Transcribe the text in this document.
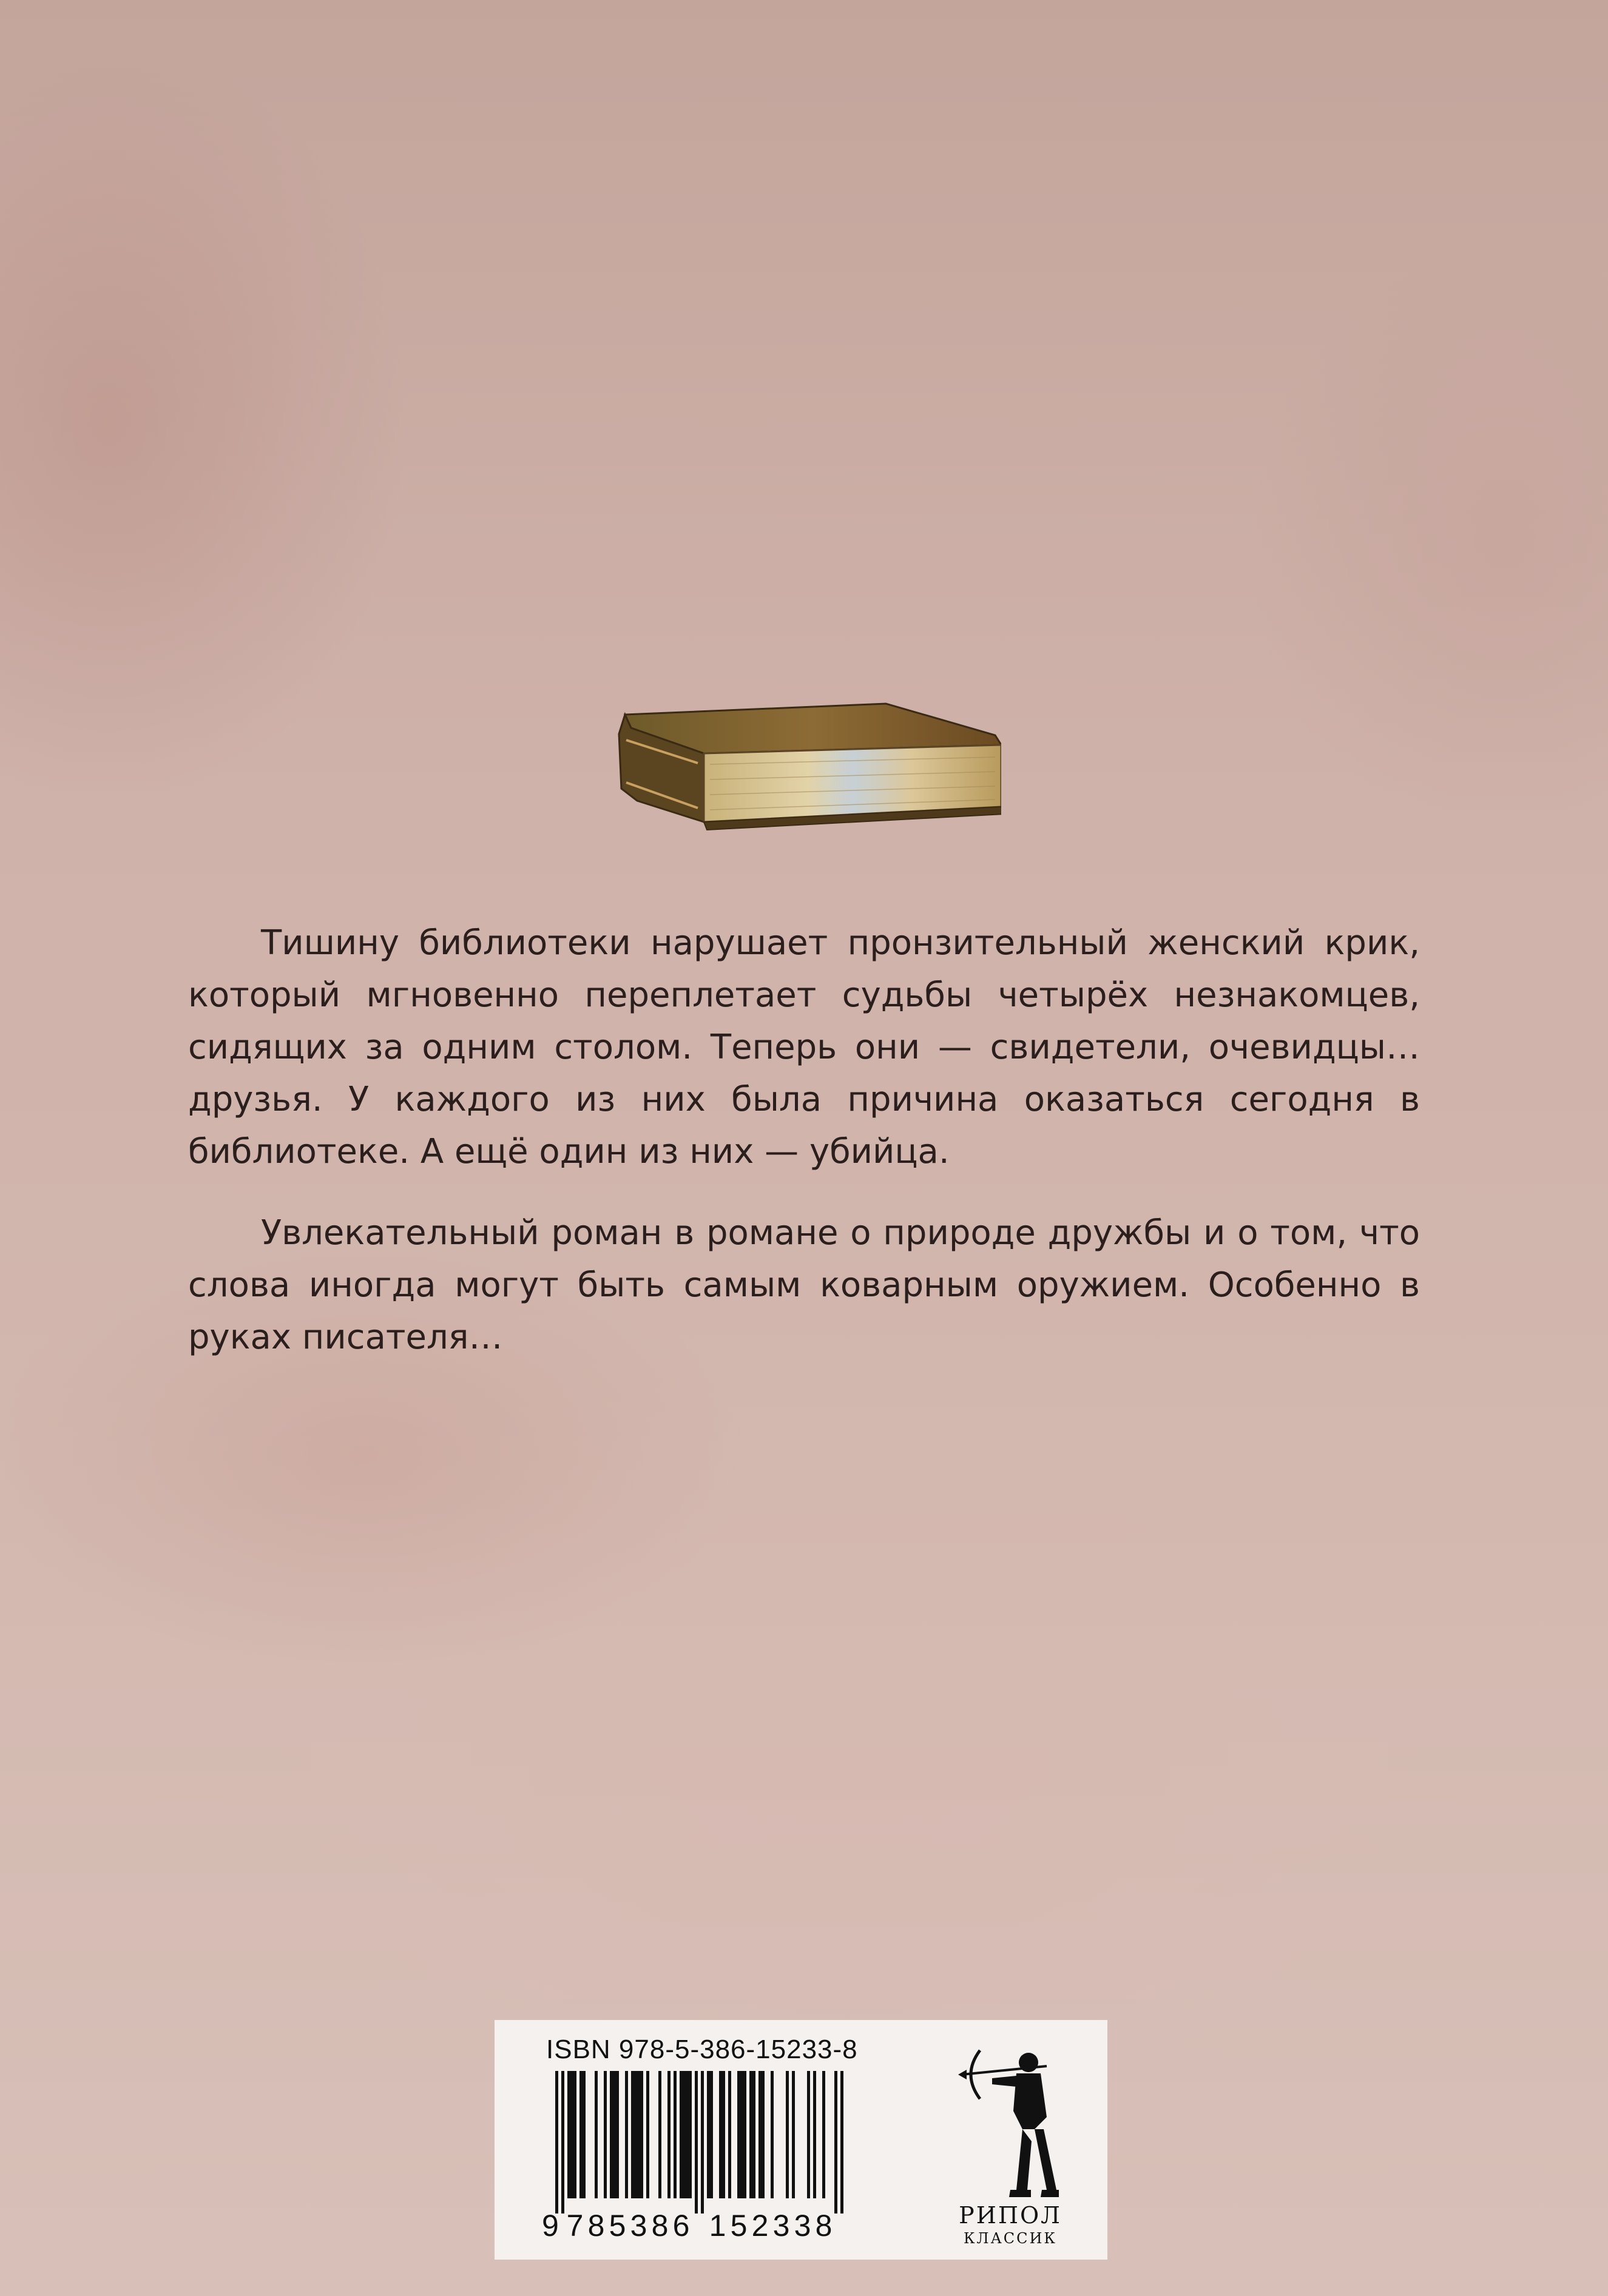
Тишину библиотеки нарушает пронзительный женский крик, который мгновенно переплетает судьбы четырёх незнакомцев, сидящих за одним столом. Теперь они — свидетели, очевидцы… друзья. У каждого из них была причина оказаться сегодня в библиотеке. А ещё один из них — убийца.

Увлекательный роман в романе о природе дружбы и о том, что слова иногда могут быть самым коварным оружием. Особенно в руках писателя…

ISBN 978-5-386-15233-8
9 7 8 5 3 8 6 1 5 2 3 3 8	РИПОЛ
КЛАССИК
